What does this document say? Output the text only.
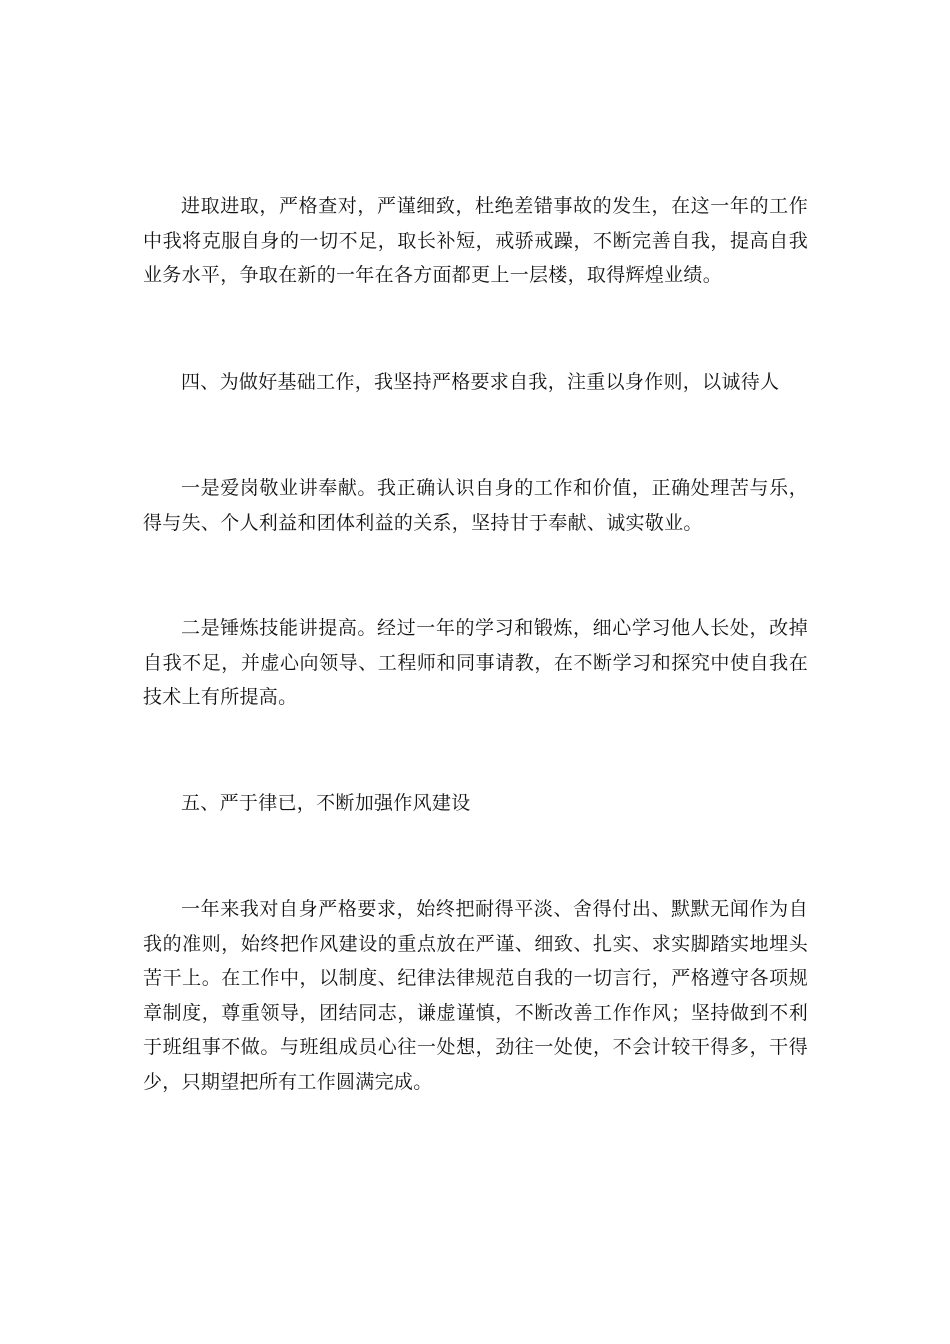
进取进取，严格查对，严谨细致，杜绝差错事故的发生，在这一年的工作中我将克服自身的一切不足，取长补短，戒骄戒躁，不断完善自我，提高自我业务水平，争取在新的一年在各方面都更上一层楼，取得辉煌业绩。

四、为做好基础工作，我坚持严格要求自我，注重以身作则，以诚待人

一是爱岗敬业讲奉献。我正确认识自身的工作和价值，正确处理苦与乐，得与失、个人利益和团体利益的关系，坚持甘于奉献、诚实敬业。

二是锤炼技能讲提高。经过一年的学习和锻炼，细心学习他人长处，改掉自我不足，并虚心向领导、工程师和同事请教，在不断学习和探究中使自我在技术上有所提高。

五、严于律已，不断加强作风建设

一年来我对自身严格要求，始终把耐得平淡、舍得付出、默默无闻作为自我的准则，始终把作风建设的重点放在严谨、细致、扎实、求实脚踏实地埋头苦干上。在工作中，以制度、纪律法律规范自我的一切言行，严格遵守各项规章制度，尊重领导，团结同志，谦虚谨慎，不断改善工作作风；坚持做到不利于班组事不做。与班组成员心往一处想，劲往一处使，不会计较干得多，干得少，只期望把所有工作圆满完成。
